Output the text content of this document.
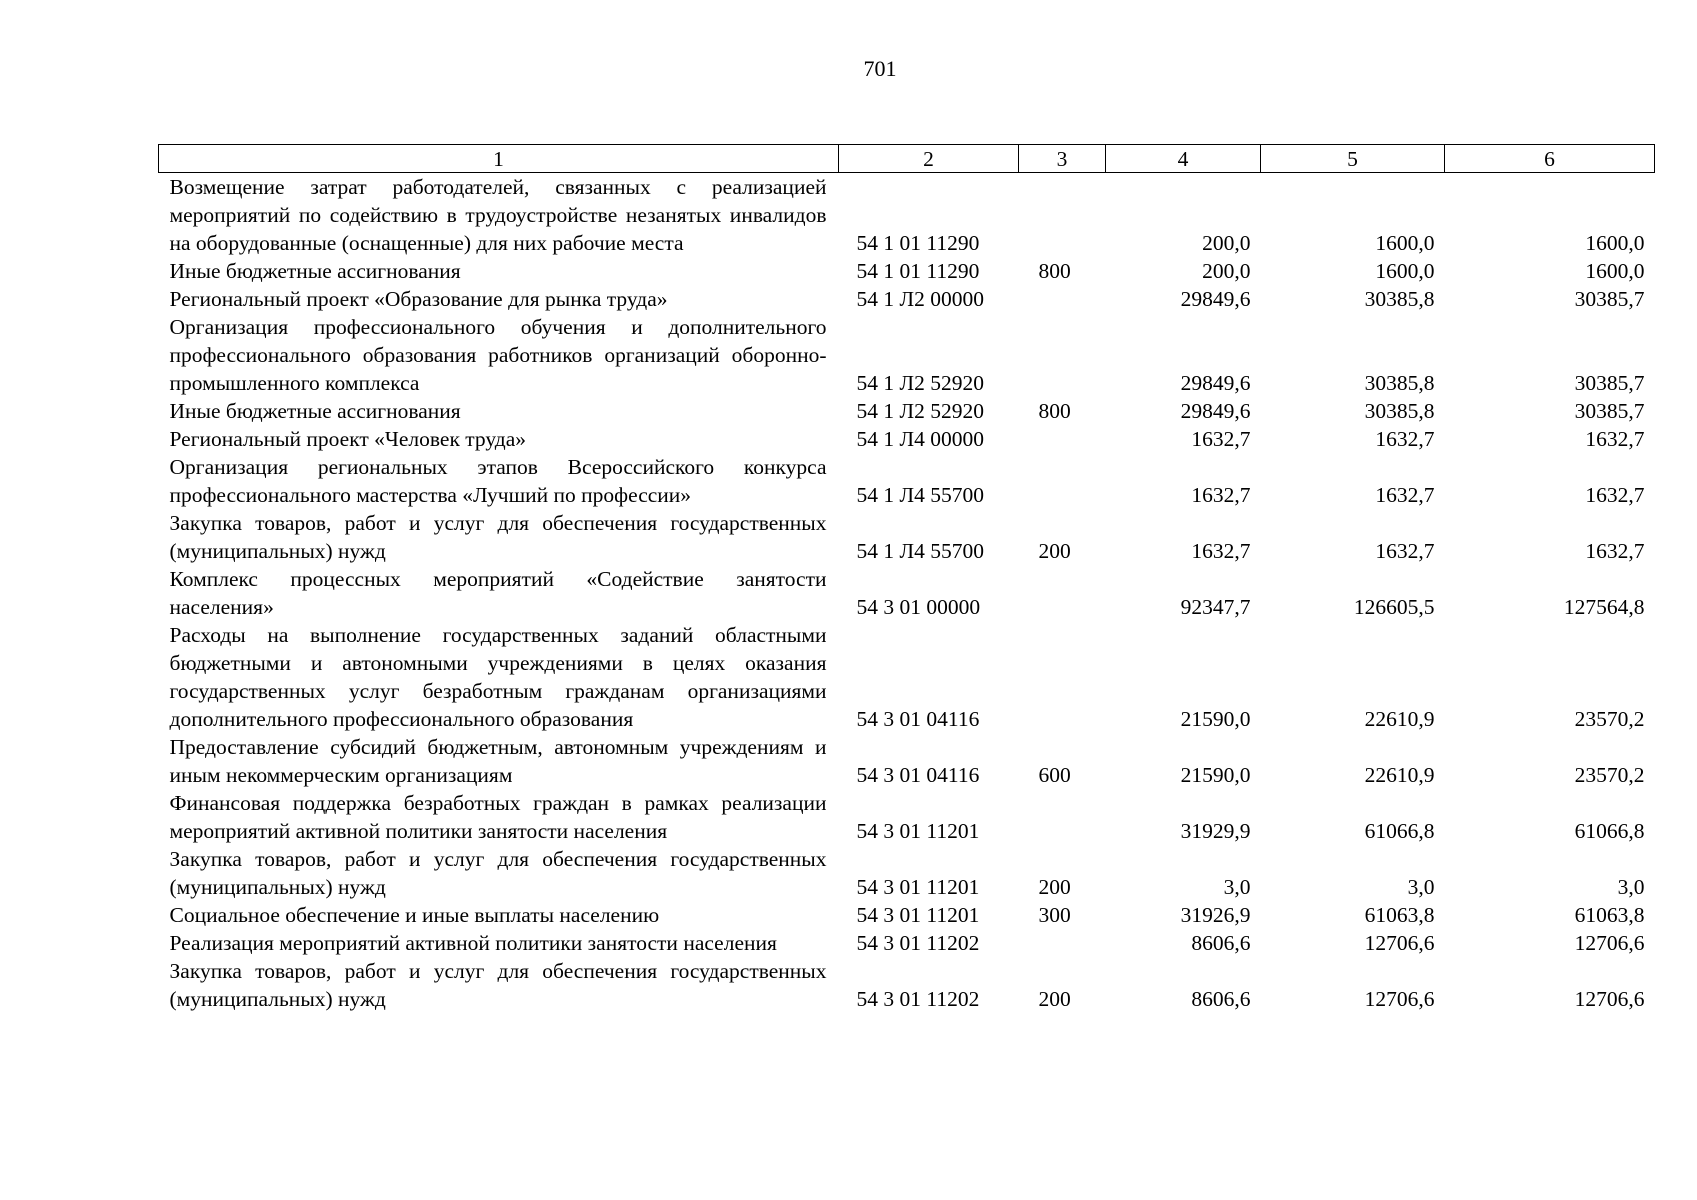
701
1	2	3	4	5	6
Возмещение затрат работодателей, связанных с реализацией мероприятий по содействию в трудоустройстве незанятых инвалидов на оборудованные (оснащенные) для них рабочие места	54 1 01 11290		200,0	1600,0	1600,0
Иные бюджетные ассигнования	54 1 01 11290	800	200,0	1600,0	1600,0
Региональный проект «Образование для рынка труда»	54 1 Л2 00000		29849,6	30385,8	30385,7
Организация профессионального обучения и дополнительного профессионального образования работников организаций оборонно-промышленного комплекса	54 1 Л2 52920		29849,6	30385,8	30385,7
Иные бюджетные ассигнования	54 1 Л2 52920	800	29849,6	30385,8	30385,7
Региональный проект «Человек труда»	54 1 Л4 00000		1632,7	1632,7	1632,7
Организация региональных этапов Всероссийского конкурса профессионального мастерства «Лучший по профессии»	54 1 Л4 55700		1632,7	1632,7	1632,7
Закупка товаров, работ и услуг для обеспечения государственных (муниципальных) нужд	54 1 Л4 55700	200	1632,7	1632,7	1632,7
Комплекс процессных мероприятий «Содействие занятости населения»	54 3 01 00000		92347,7	126605,5	127564,8
Расходы на выполнение государственных заданий областными бюджетными и автономными учреждениями в целях оказания государственных услуг безработным гражданам организациями дополнительного профессионального образования	54 3 01 04116		21590,0	22610,9	23570,2
Предоставление субсидий бюджетным, автономным учреждениям и иным некоммерческим организациям	54 3 01 04116	600	21590,0	22610,9	23570,2
Финансовая поддержка безработных граждан в рамках реализации мероприятий активной политики занятости населения	54 3 01 11201		31929,9	61066,8	61066,8
Закупка товаров, работ и услуг для обеспечения государственных (муниципальных) нужд	54 3 01 11201	200	3,0	3,0	3,0
Социальное обеспечение и иные выплаты населению	54 3 01 11201	300	31926,9	61063,8	61063,8
Реализация мероприятий активной политики занятости населения	54 3 01 11202		8606,6	12706,6	12706,6
Закупка товаров, работ и услуг для обеспечения государственных (муниципальных) нужд	54 3 01 11202	200	8606,6	12706,6	12706,6
